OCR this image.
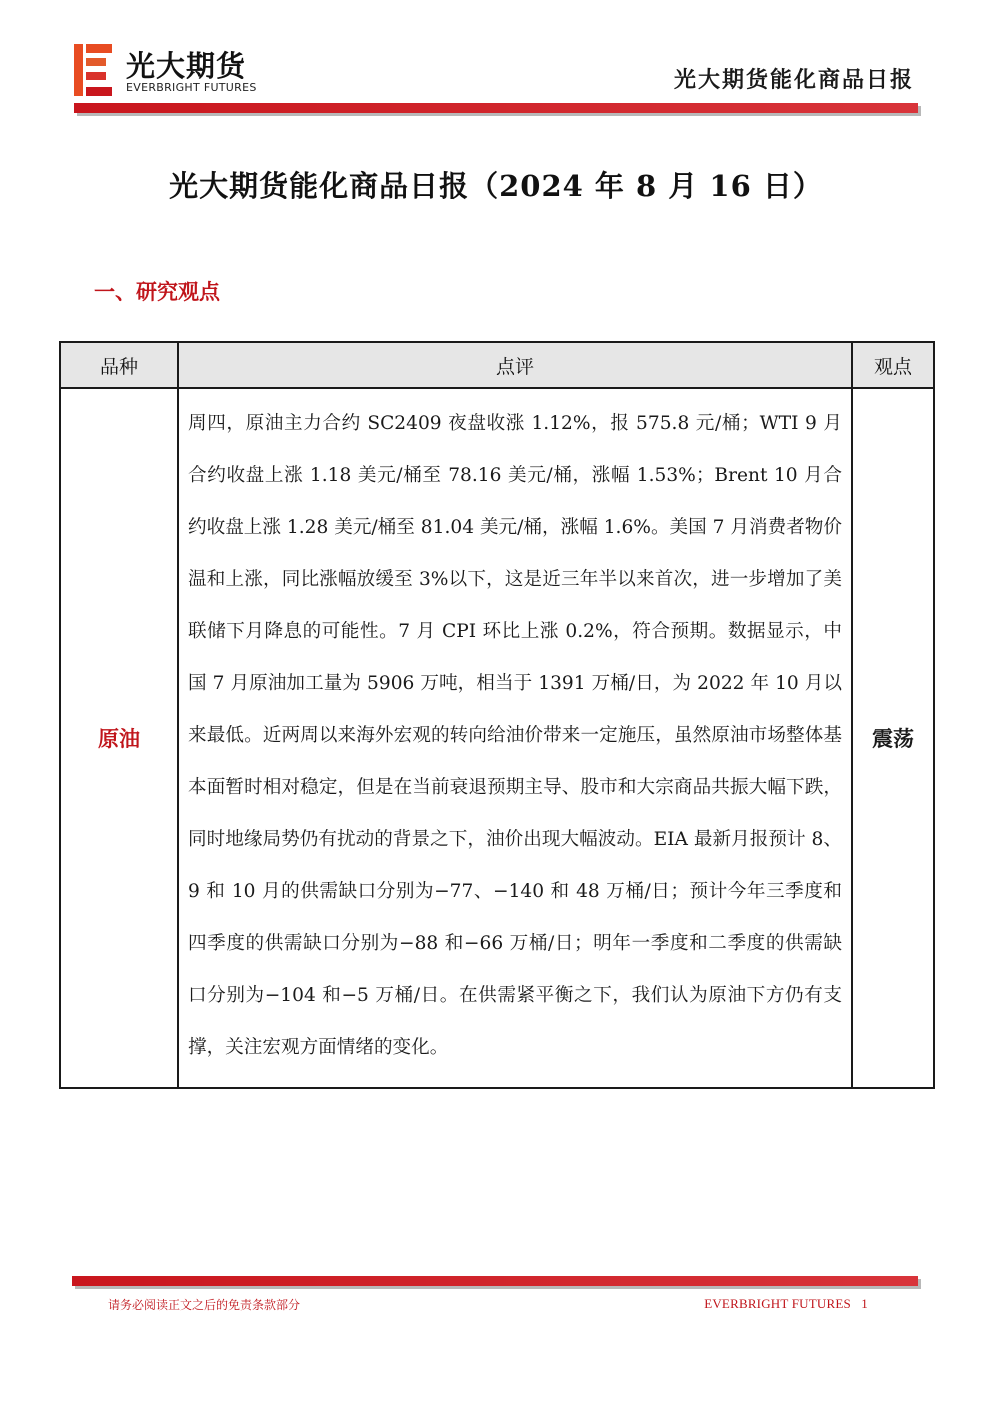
光大期货
EVERBRIGHT FUTURES	光大期货能化商品日报
光大期货能化商品日报（2024 年 8 月 16 日）
一、研究观点
品种	点评	观点
原油	周四，原油主力合约 SC2409 夜盘收涨 1.12%，报 575.8 元/桶；WTI 9 月合约收盘上涨 1.18 美元/桶至 78.16 美元/桶，涨幅 1.53%；Brent 10 月合约收盘上涨 1.28 美元/桶至 81.04 美元/桶，涨幅 1.6%。美国 7 月消费者物价温和上涨，同比涨幅放缓至 3%以下，这是近三年半以来首次，进一步增加了美联储下月降息的可能性。7 月 CPI 环比上涨 0.2%，符合预期。数据显示，中国 7 月原油加工量为 5906 万吨，相当于 1391 万桶/日，为 2022 年 10 月以来最低。近两周以来海外宏观的转向给油价带来一定施压，虽然原油市场整体基本面暂时相对稳定，但是在当前衰退预期主导、股市和大宗商品共振大幅下跌，同时地缘局势仍有扰动的背景之下，油价出现大幅波动。EIA 最新月报预计 8、9 和 10 月的供需缺口分别为−77、−140 和 48 万桶/日；预计今年三季度和四季度的供需缺口分别为−88 和−66 万桶/日；明年一季度和二季度的供需缺口分别为−104 和−5 万桶/日。在供需紧平衡之下，我们认为原油下方仍有支撑，关注宏观方面情绪的变化。	震荡
请务必阅读正文之后的免责条款部分	EVERBRIGHT FUTURES 1
